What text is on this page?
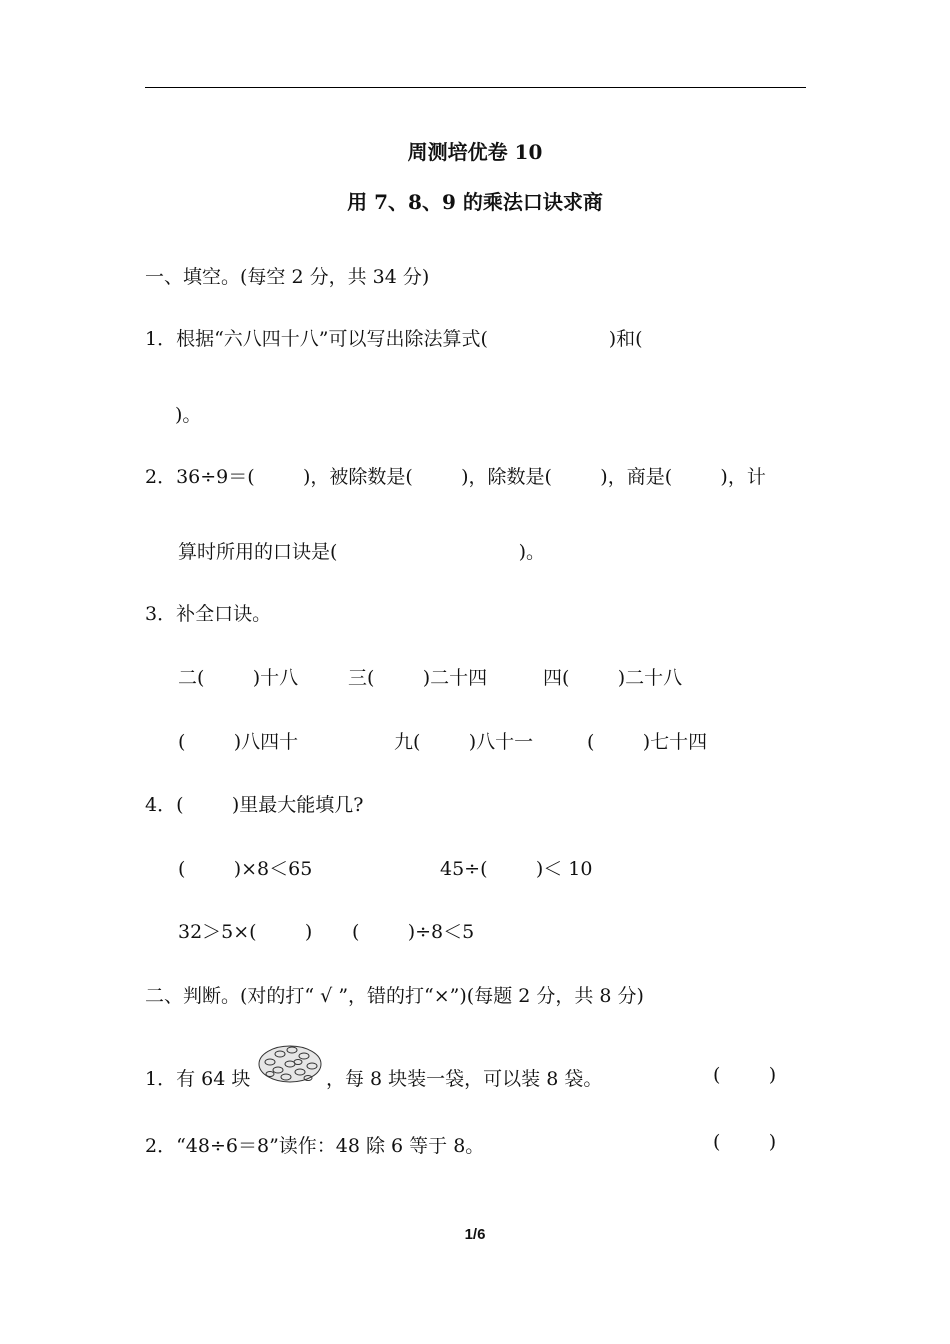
周测培优卷 10
用 7、8、9 的乘法口诀求商
一、填空。(每空 2 分，共 34 分)
1．根据“六八四十八”可以写出除法算式(                    )和(
)。
2．36÷9＝(        )，被除数是(        )，除数是(        )，商是(        )，计
算时所用的口诀是(                              )。
3．补全口诀。
二(        )十八	三(        )二十四	四(        )二十八
(        )八四十	九(        )八十一	(        )七十四
4．(        )里最大能填几?
(        )×8＜65	45÷(        )＜ 10
32＞5×(        ) (        )÷8＜5
二、判断。(对的打“ √ ”，错的打“×”)(每题 2 分，共 8 分)
1．有 64 块	，每 8 块装一袋，可以装 8 袋。	(        )
2．“48÷6＝8”读作：48 除 6 等于 8。	(        )
1/6
